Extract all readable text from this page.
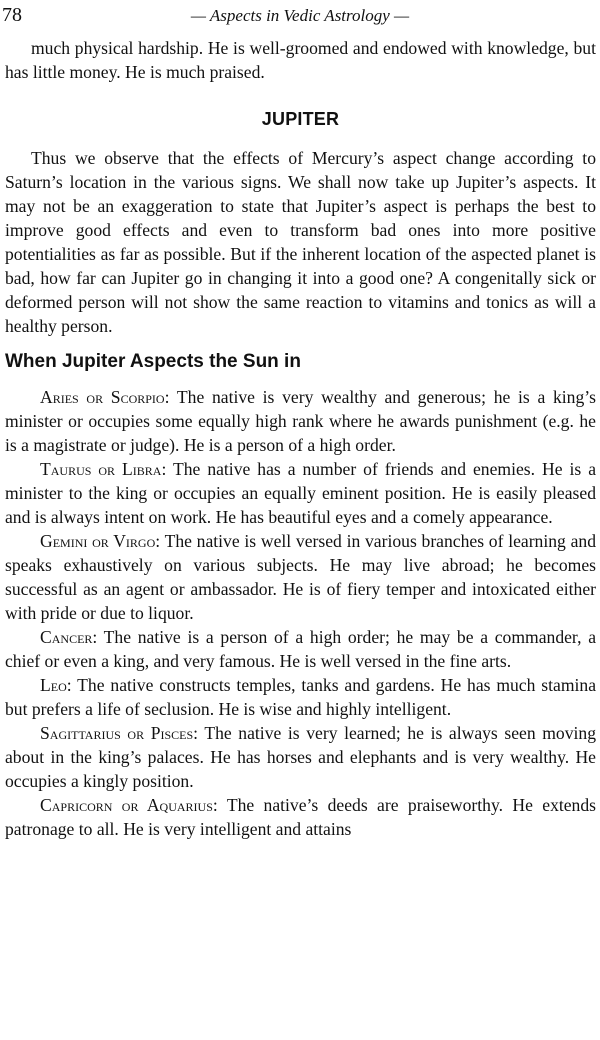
78	— Aspects in Vedic Astrology —

much physical hardship. He is well-groomed and endowed with knowledge, but has little money. He is much praised.

JUPITER

Thus we observe that the effects of Mercury’s aspect change according to Saturn’s location in the various signs. We shall now take up Jupiter’s aspects. It may not be an exaggeration to state that Jupiter’s aspect is perhaps the best to improve good effects and even to transform bad ones into more positive potentialities as far as possible. But if the inherent location of the aspected planet is bad, how far can Jupiter go in changing it into a good one? A congenitally sick or deformed person will not show the same reaction to vitamins and tonics as will a healthy person.

When Jupiter Aspects the Sun in

Aries or Scorpio: The native is very wealthy and generous; he is a king’s minister or occupies some equally high rank where he awards punishment (e.g. he is a magistrate or judge). He is a person of a high order.

Taurus or Libra: The native has a number of friends and enemies. He is a minister to the king or occupies an equally eminent position. He is easily pleased and is always intent on work. He has beautiful eyes and a comely appearance.

Gemini or Virgo: The native is well versed in various branches of learning and speaks exhaustively on various subjects. He may live abroad; he becomes successful as an agent or ambassador. He is of fiery temper and intoxicated either with pride or due to liquor.

Cancer: The native is a person of a high order; he may be a commander, a chief or even a king, and very famous. He is well versed in the fine arts.

Leo: The native constructs temples, tanks and gardens. He has much stamina but prefers a life of seclusion. He is wise and highly intelligent.

Sagittarius or Pisces: The native is very learned; he is always seen moving about in the king’s palaces. He has horses and elephants and is very wealthy. He occupies a kingly position.

Capricorn or Aquarius: The native’s deeds are praiseworthy. He extends patronage to all. He is very intelligent and attains
